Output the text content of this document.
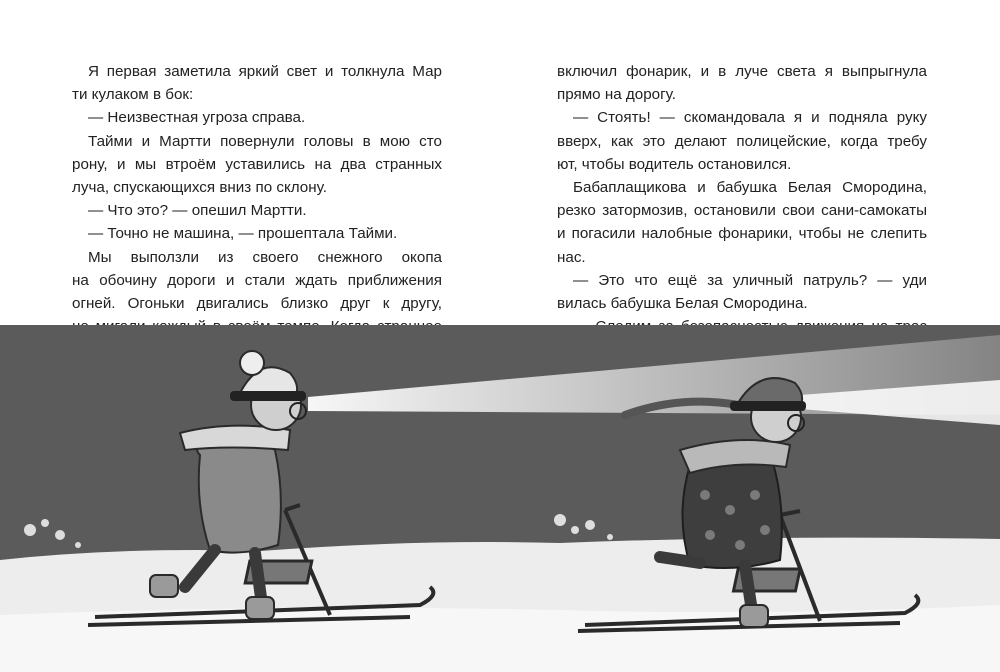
Я первая заметила яркий свет и толкнула Мар
ти кулаком в бок:
— Неизвестная угроза справа.
Тайми и Мартти повернули головы в мою сто
рону, и мы втроём уставились на два странных
луча, спускающихся вниз по склону.
— Что это? — опешил Мартти.
— Точно не машина, — прошептала Тайми.
Мы выползли из своего снежного окопа
на обочину дороги и стали ждать приближения
огней. Огоньки двигались близко друг к другу,
включил фонарик, и в луче света я выпрыгнула
прямо на дорогу.
— Стоять! — скомандовала я и подняла руку
вверх, как это делают полицейские, когда требу
ют, чтобы водитель остановился.
Бабаплащикова и бабушка Белая Смородина,
резко затормозив, остановили свои сани-самокаты
и погасили налобные фонарики, чтобы не слепить
нас.
— Это что ещё за уличный патруль? — уди
вилась бабушка Белая Смородина.
